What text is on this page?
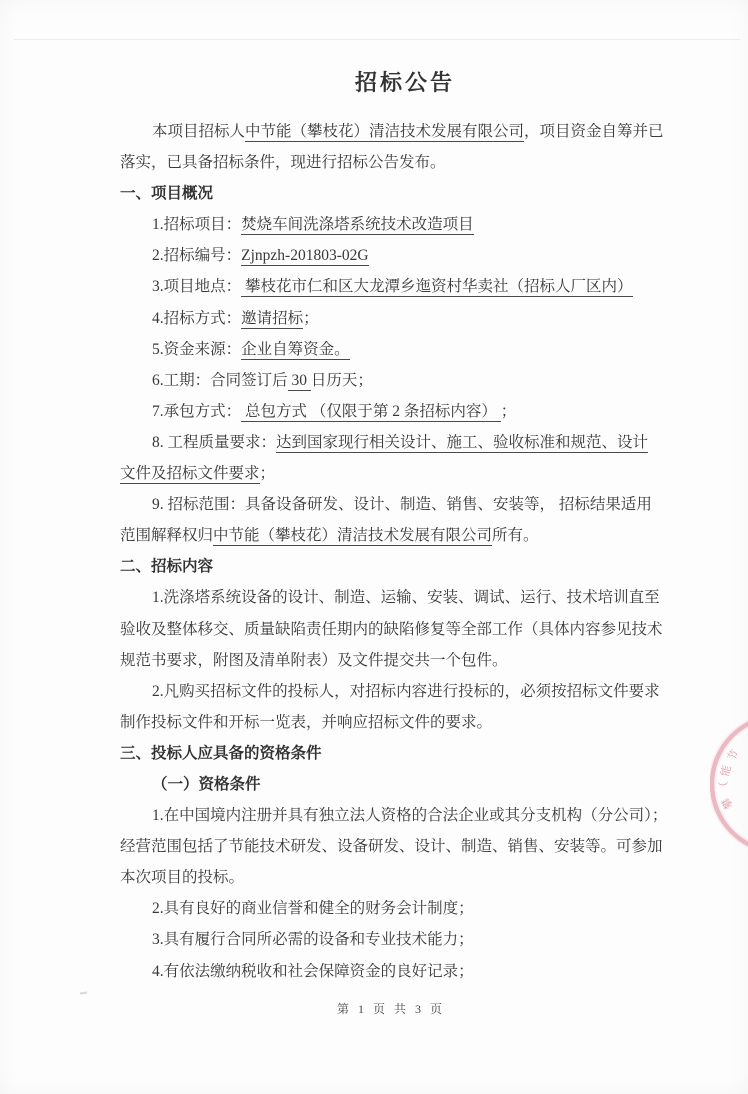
招标公告
本项目招标人中节能（攀枝花）清洁技术发展有限公司，项目资金自筹并已
落实，已具备招标条件，现进行招标公告发布。
一、项目概况
1.招标项目：焚烧车间洗涤塔系统技术改造项目
2.招标编号：Zjnpzh-201803-02G
3.项目地点： 攀枝花市仁和区大龙潭乡迤资村华卖社（招标人厂区内）
4.招标方式：邀请招标；
5.资金来源：企业自筹资金。
6.工期：合同签订后 30 日历天；
7.承包方式： 总包方式 （仅限于第 2 条招标内容） ；
8. 工程质量要求：达到国家现行相关设计、施工、验收标准和规范、设计
文件及招标文件要求；
9. 招标范围：具备设备研发、设计、制造、销售、安装等， 招标结果适用
范围解释权归中节能（攀枝花）清洁技术发展有限公司所有。
二、招标内容
1.洗涤塔系统设备的设计、制造、运输、安装、调试、运行、技术培训直至
验收及整体移交、质量缺陷责任期内的缺陷修复等全部工作（具体内容参见技术
规范书要求，附图及清单附表）及文件提交共一个包件。
2.凡购买招标文件的投标人，对招标内容进行投标的，必须按招标文件要求
制作投标文件和开标一览表，并响应招标文件的要求。
三、投标人应具备的资格条件
（一）资格条件
1.在中国境内注册并具有独立法人资格的合法企业或其分支机构（分公司）；
经营范围包括了节能技术研发、设备研发、设计、制造、销售、安装等。可参加
本次项目的投标。
2.具有良好的商业信誉和健全的财务会计制度；
3.具有履行合同所必需的设备和专业技术能力；
4.有依法缴纳税收和社会保障资金的良好记录；
节
能
（
攀
第 1 页 共 3 页
